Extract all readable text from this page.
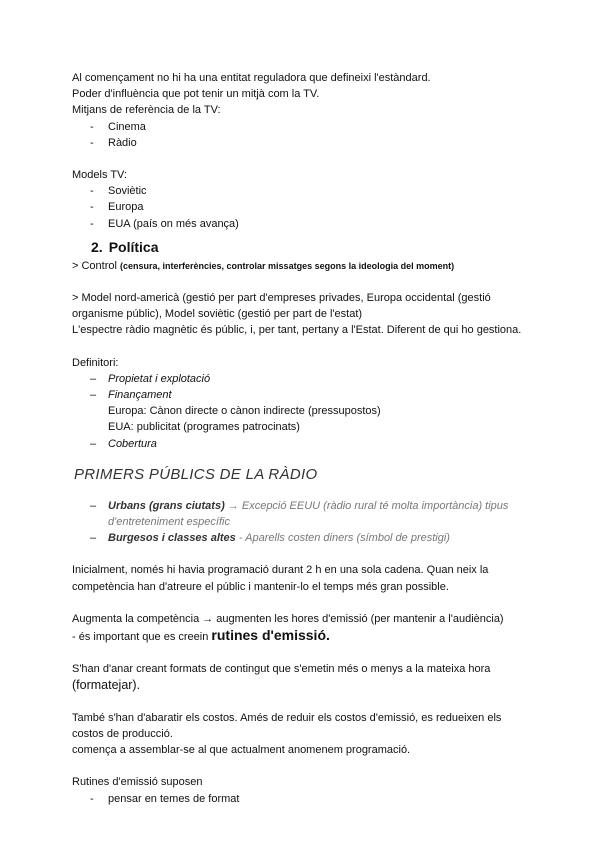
Al començament no hi ha una entitat reguladora que defineixi l'estàndard.

Poder d'influència que pot tenir un mitjà com la TV.

Mitjans de referència de la TV:

- Cinema
- Ràdio

Models TV:

- Soviètic
- Europa
- EUA (país on més avança)
2. Política

> Control (censura, interferències, controlar missatges segons la ideologia del moment)

> Model nord-americà (gestió per part d'empreses privades, Europa occidental (gestió

organisme públic), Model soviètic (gestió per part de l'estat)

L'espectre ràdio magnètic és públic, i, per tant, pertany a l'Estat. Diferent de qui ho gestiona.

Definitori:

– Propietat i explotació
– Finançament
Europa: Cànon directe o cànon indirecte (pressupostos)
EUA: publicitat (programes patrocinats)
– Cobertura
PRIMERS PÚBLICS DE LA RÀDIO
– Urbans (grans ciutats) → Excepció EEUU (ràdio rural té molta importància) tipus
d'entreteniment específic
– Burgesos i classes altes - Aparells costen diners (símbol de prestigi)

Inicialment, només hi havia programació durant 2 h en una sola cadena. Quan neix la

competència han d'atreure el públic i mantenir-lo el temps més gran possible.

Augmenta la competència → augmenten les hores d'emissió (per mantenir a l'audiència)

- és important que es creein rutines d'emissió.

S'han d'anar creant formats de contingut que s'emetin més o menys a la mateixa hora

(formatejar).

També s'han d'abaratir els costos. Amés de reduir els costos d'emissió, es redueixen els

costos de producció.

comença a assemblar-se al que actualment anomenem programació.

Rutines d'emissió suposen

- pensar en temes de format
